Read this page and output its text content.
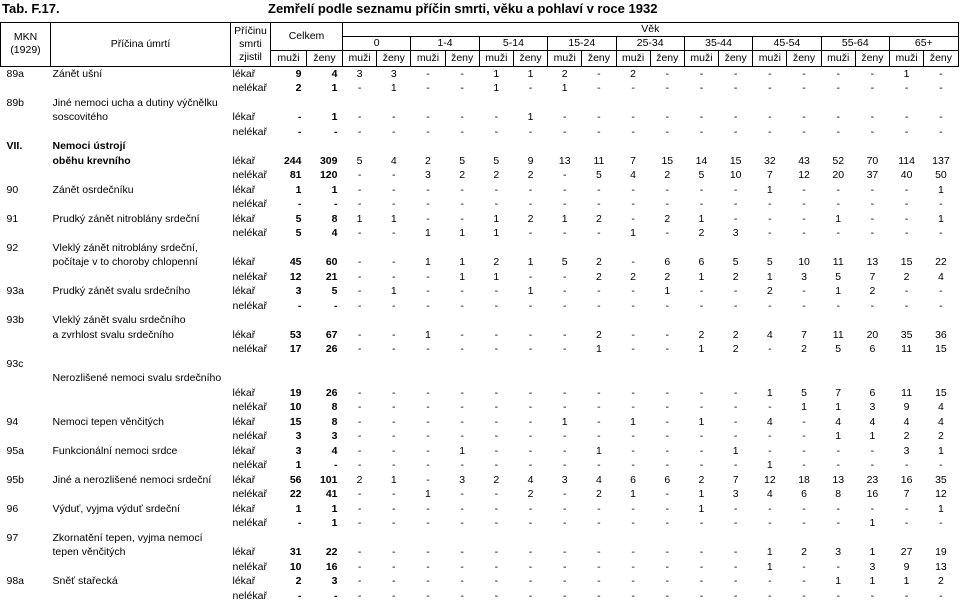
Tab. F.17.	Zemřelí podle seznamu příčin smrti, věku a pohlaví v roce 1932
MKN
(1929)	Příčina úmrtí	Příčinu
smrti
zjistil	Celkem		Věk																	
					0		1-4		5-14		15-24		25-34		35-44		45-54		55-64		65+	
			muži	ženy	muži	ženy	muži	ženy	muži	ženy	muži	ženy	muži	ženy	muži	ženy	muži	ženy	muži	ženy	muži	ženy
89a	Zánět ušní	lékař	9	4	3	3	-	-	1	1	2	-	2	-	-	-	-	-	-	-	1	-
		nelékař	2	1	-	1	-	-	1	-	1	-	-	-	-	-	-	-	-	-	-	-
89b	Jiné nemoci ucha a dutiny výčnělku																					
	soscovitého	lékař	-	1	-	-	-	-	-	1	-	-	-	-	-	-	-	-	-	-	-	-
		nelékař	-	-	-	-	-	-	-	-	-	-	-	-	-	-	-	-	-	-	-	-
VII.	Nemoci ústrojí																					
	oběhu krevního	lékař	244	309	5	4	2	5	5	9	13	11	7	15	14	15	32	43	52	70	114	137
		nelékař	81	120	-	-	3	2	2	2	-	5	4	2	5	10	7	12	20	37	40	50
90	Zánět osrdečníku	lékař	1	1	-	-	-	-	-	-	-	-	-	-	-	-	1	-	-	-	-	1
		nelékař	-	-	-	-	-	-	-	-	-	-	-	-	-	-	-	-	-	-	-	-
91	Prudký zánět nitroblány srdeční	lékař	5	8	1	1	-	-	1	2	1	2	-	2	1	-	-	-	1	-	-	1
		nelékař	5	4	-	-	1	1	1	-	-	-	1	-	2	3	-	-	-	-	-	-
92	Vleklý zánět nitroblány srdeční,																					
	počítaje v to choroby chlopenní	lékař	45	60	-	-	1	1	2	1	5	2	-	6	6	5	5	10	11	13	15	22
		nelékař	12	21	-	-	-	1	1	-	-	2	2	2	1	2	1	3	5	7	2	4
93a	Prudký zánět svalu srdečního	lékař	3	5	-	1	-	-	-	1	-	-	-	1	-	-	2	-	1	2	-	-
		nelékař	-	-	-	-	-	-	-	-	-	-	-	-	-	-	-	-	-	-	-	-
93b	Vleklý zánět svalu srdečního																					
	a zvrhlost svalu srdečního	lékař	53	67	-	-	1	-	-	-	-	2	-	-	2	2	4	7	11	20	35	36
		nelékař	17	26	-	-	-	-	-	-	-	1	-	-	1	2	-	2	5	6	11	15
93c																						
	Nerozlišené nemoci svalu srdečního																					
		lékař	19	26	-	-	-	-	-	-	-	-	-	-	-	-	1	5	7	6	11	15
		nelékař	10	8	-	-	-	-	-	-	-	-	-	-	-	-	-	1	1	3	9	4
94	Nemoci tepen věnčitých	lékař	15	8	-	-	-	-	-	-	1	-	1	-	1	-	4	-	4	4	4	4
		nelékař	3	3	-	-	-	-	-	-	-	-	-	-	-	-	-	-	1	1	2	2
95a	Funkcionální nemoci srdce	lékař	3	4	-	-	-	1	-	-	-	1	-	-	-	1	-	-	-	-	3	1
		nelékař	1	-	-	-	-	-	-	-	-	-	-	-	-	-	1	-	-	-	-	-
95b	Jiné a nerozlišené nemoci srdeční	lékař	56	101	2	1	-	3	2	4	3	4	6	6	2	7	12	18	13	23	16	35
		nelékař	22	41	-	-	1	-	-	2	-	2	1	-	1	3	4	6	8	16	7	12
96	Výduť, vyjma výduť srdeční	lékař	1	1	-	-	-	-	-	-	-	-	-	-	1	-	-	-	-	-	-	1
		nelékař	-	1	-	-	-	-	-	-	-	-	-	-	-	-	-	-	-	1	-	-
97	Zkornatění tepen, vyjma nemocí																					
	tepen věnčitých	lékař	31	22	-	-	-	-	-	-	-	-	-	-	-	-	1	2	3	1	27	19
		nelékař	10	16	-	-	-	-	-	-	-	-	-	-	-	-	1	-	-	3	9	13
98a	Sněť stařecká	lékař	2	3	-	-	-	-	-	-	-	-	-	-	-	-	-	-	1	1	1	2
		nelékař	-	-	-	-	-	-	-	-	-	-	-	-	-	-	-	-	-	-	-	-
